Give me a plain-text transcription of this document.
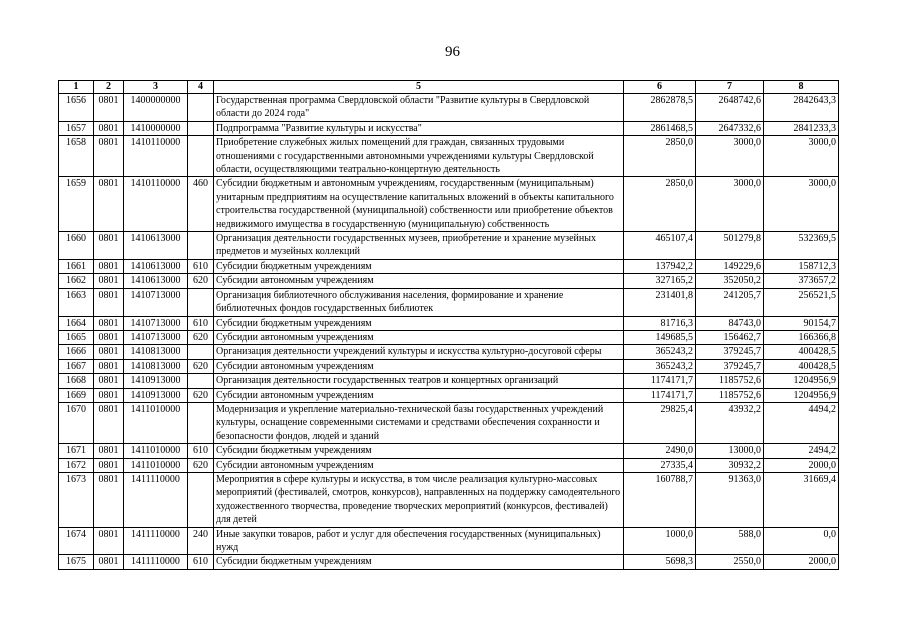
96
1	2	3	4	5	6	7	8
1656	0801	1400000000		Государственная программа Свердловской области "Развитие культуры в Свердловской области до 2024 года"	2862878,5	2648742,6	2842643,3
1657	0801	1410000000		Подпрограмма "Развитие культуры и искусства"	2861468,5	2647332,6	2841233,3
1658	0801	1410110000		Приобретение служебных жилых помещений для граждан, связанных трудовыми отношениями с государственными автономными учреждениями культуры Свердловской области, осуществляющими театрально-концертную деятельность	2850,0	3000,0	3000,0
1659	0801	1410110000	460	Субсидии бюджетным и автономным учреждениям, государственным (муниципальным) унитарным предприятиям на осуществление капитальных вложений в объекты капитального строительства государственной (муниципальной) собственности или приобретение объектов недвижимого имущества в государственную (муниципальную) собственность	2850,0	3000,0	3000,0
1660	0801	1410613000		Организация деятельности государственных музеев, приобретение и хранение музейных предметов и музейных коллекций	465107,4	501279,8	532369,5
1661	0801	1410613000	610	Субсидии бюджетным учреждениям	137942,2	149229,6	158712,3
1662	0801	1410613000	620	Субсидии автономным учреждениям	327165,2	352050,2	373657,2
1663	0801	1410713000		Организация библиотечного обслуживания населения, формирование и хранение библиотечных фондов государственных библиотек	231401,8	241205,7	256521,5
1664	0801	1410713000	610	Субсидии бюджетным учреждениям	81716,3	84743,0	90154,7
1665	0801	1410713000	620	Субсидии автономным учреждениям	149685,5	156462,7	166366,8
1666	0801	1410813000		Организация деятельности учреждений культуры и искусства культурно-досуговой сферы	365243,2	379245,7	400428,5
1667	0801	1410813000	620	Субсидии автономным учреждениям	365243,2	379245,7	400428,5
1668	0801	1410913000		Организация деятельности государственных театров и концертных организаций	1174171,7	1185752,6	1204956,9
1669	0801	1410913000	620	Субсидии автономным учреждениям	1174171,7	1185752,6	1204956,9
1670	0801	1411010000		Модернизация и укрепление материально-технической базы государственных учреждений культуры, оснащение современными системами и средствами обеспечения сохранности и безопасности фондов, людей и зданий	29825,4	43932,2	4494,2
1671	0801	1411010000	610	Субсидии бюджетным учреждениям	2490,0	13000,0	2494,2
1672	0801	1411010000	620	Субсидии автономным учреждениям	27335,4	30932,2	2000,0
1673	0801	1411110000		Мероприятия в сфере культуры и искусства, в том числе реализация культурно-массовых мероприятий (фестивалей, смотров, конкурсов), направленных на поддержку самодеятельного художественного творчества, проведение творческих мероприятий (конкурсов, фестивалей) для детей	160788,7	91363,0	31669,4
1674	0801	1411110000	240	Иные закупки товаров, работ и услуг для обеспечения государственных (муниципальных) нужд	1000,0	588,0	0,0
1675	0801	1411110000	610	Субсидии бюджетным учреждениям	5698,3	2550,0	2000,0
